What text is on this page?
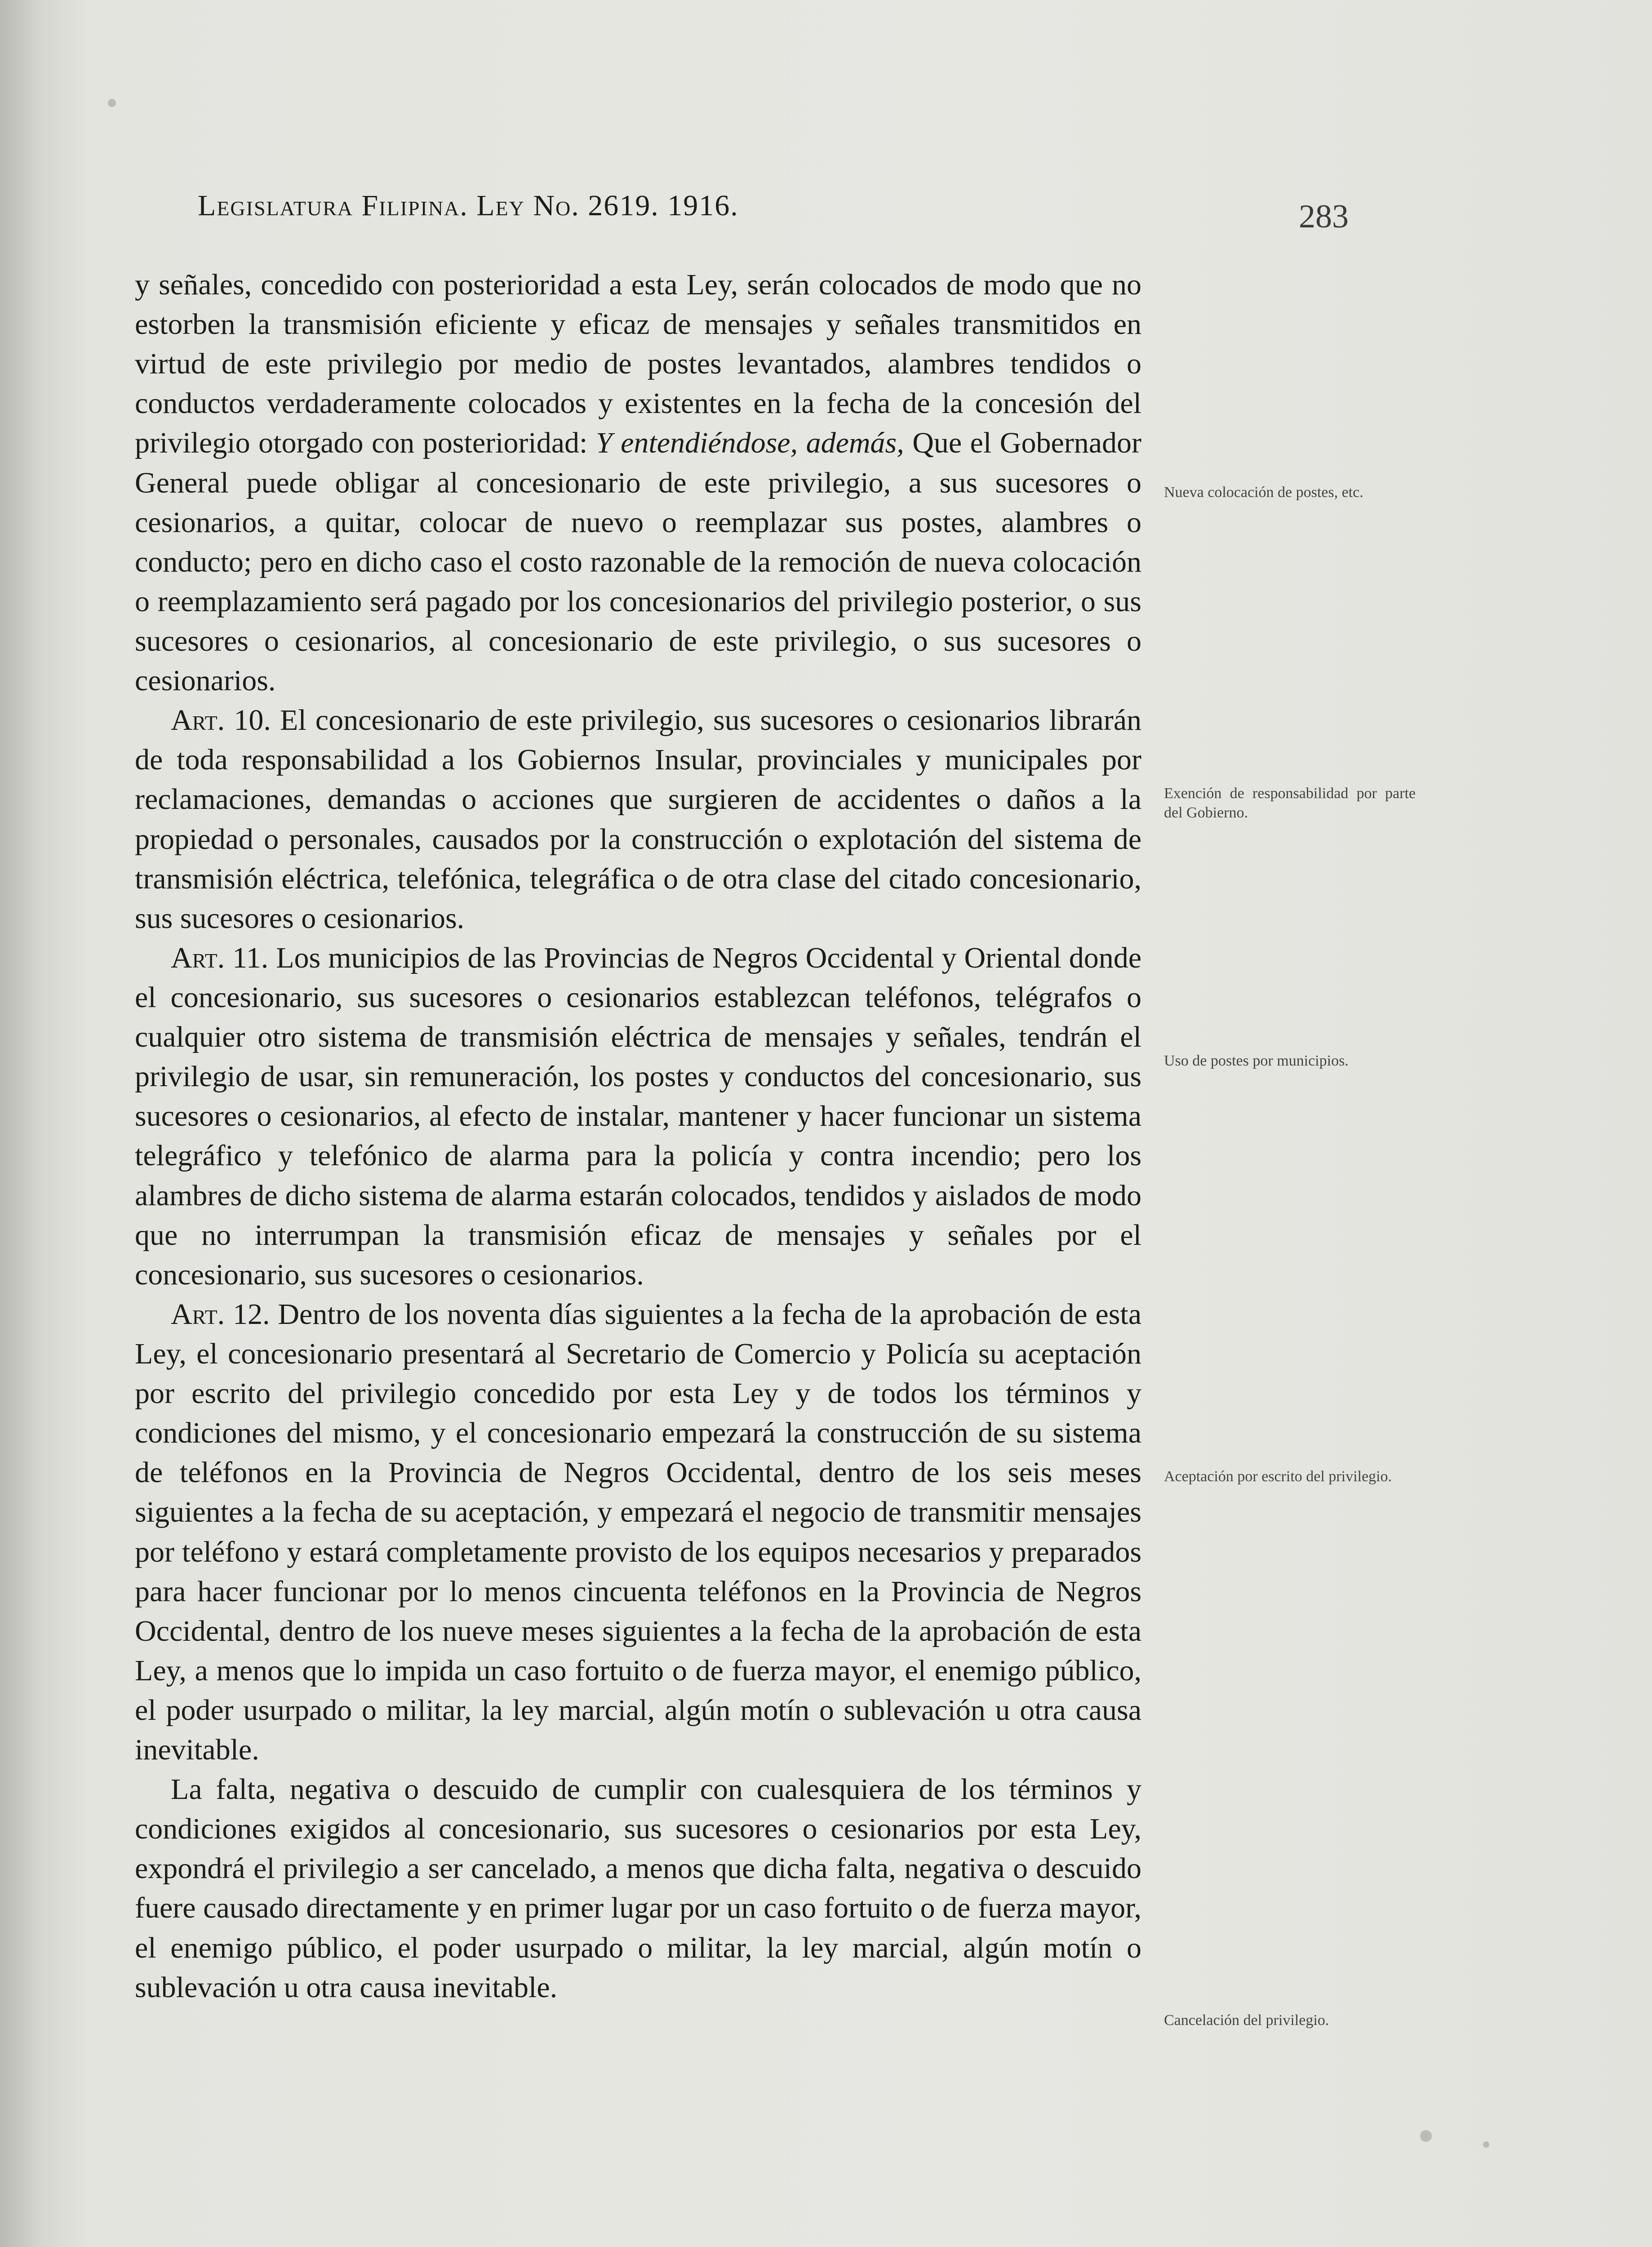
Legislatura Filipina. Ley No. 2619. 1916.	283

y señales, concedido con posterioridad a esta Ley, serán colocados de modo que no estorben la transmisión eficiente y eficaz de mensajes y señales transmitidos en virtud de este privilegio por medio de postes levantados, alambres tendidos o conductos verdaderamente colocados y existentes en la fecha de la concesión del privilegio otorgado con posterioridad: Y entendiéndose, además, Que el Gobernador General puede obligar al concesionario de este privilegio, a sus sucesores o cesionarios, a quitar, colocar de nuevo o reemplazar sus postes, alambres o conducto; pero en dicho caso el costo razonable de la remoción de nueva colocación o reemplazamiento será pagado por los concesionarios del privilegio posterior, o sus sucesores o cesionarios, al concesionario de este privilegio, o sus sucesores o cesionarios.

Art. 10. El concesionario de este privilegio, sus sucesores o cesionarios librarán de toda responsabilidad a los Gobiernos Insular, provinciales y municipales por reclamaciones, demandas o acciones que surgieren de accidentes o daños a la propiedad o personales, causados por la construcción o explotación del sistema de transmisión eléctrica, telefónica, telegráfica o de otra clase del citado concesionario, sus sucesores o cesionarios.

Art. 11. Los municipios de las Provincias de Negros Occidental y Oriental donde el concesionario, sus sucesores o cesionarios establezcan teléfonos, telégrafos o cualquier otro sistema de transmisión eléctrica de mensajes y señales, tendrán el privilegio de usar, sin remuneración, los postes y conductos del concesionario, sus sucesores o cesionarios, al efecto de instalar, mantener y hacer funcionar un sistema telegráfico y telefónico de alarma para la policía y contra incendio; pero los alambres de dicho sistema de alarma estarán colocados, tendidos y aislados de modo que no interrumpan la transmisión eficaz de mensajes y señales por el concesionario, sus sucesores o cesionarios.

Art. 12. Dentro de los noventa días siguientes a la fecha de la aprobación de esta Ley, el concesionario presentará al Secretario de Comercio y Policía su aceptación por escrito del privilegio concedido por esta Ley y de todos los términos y condiciones del mismo, y el concesionario empezará la construcción de su sistema de teléfonos en la Provincia de Negros Occidental, dentro de los seis meses siguientes a la fecha de su aceptación, y empezará el negocio de transmitir mensajes por teléfono y estará completamente provisto de los equipos necesarios y preparados para hacer funcionar por lo menos cincuenta teléfonos en la Provincia de Negros Occidental, dentro de los nueve meses siguientes a la fecha de la aprobación de esta Ley, a menos que lo impida un caso fortuito o de fuerza mayor, el enemigo público, el poder usurpado o militar, la ley marcial, algún motín o sublevación u otra causa inevitable.

La falta, negativa o descuido de cumplir con cualesquiera de los términos y condiciones exigidos al concesionario, sus sucesores o cesionarios por esta Ley, expondrá el privilegio a ser cancelado, a menos que dicha falta, negativa o descuido fuere causado directamente y en primer lugar por un caso fortuito o de fuerza mayor, el enemigo público, el poder usurpado o militar, la ley marcial, algún motín o sublevación u otra causa inevitable.

Nueva colocación de postes, etc.
Exención de responsabilidad por parte del Gobierno.
Uso de postes por municipios.
Aceptación por escrito del privilegio.
Cancelación del privilegio.
